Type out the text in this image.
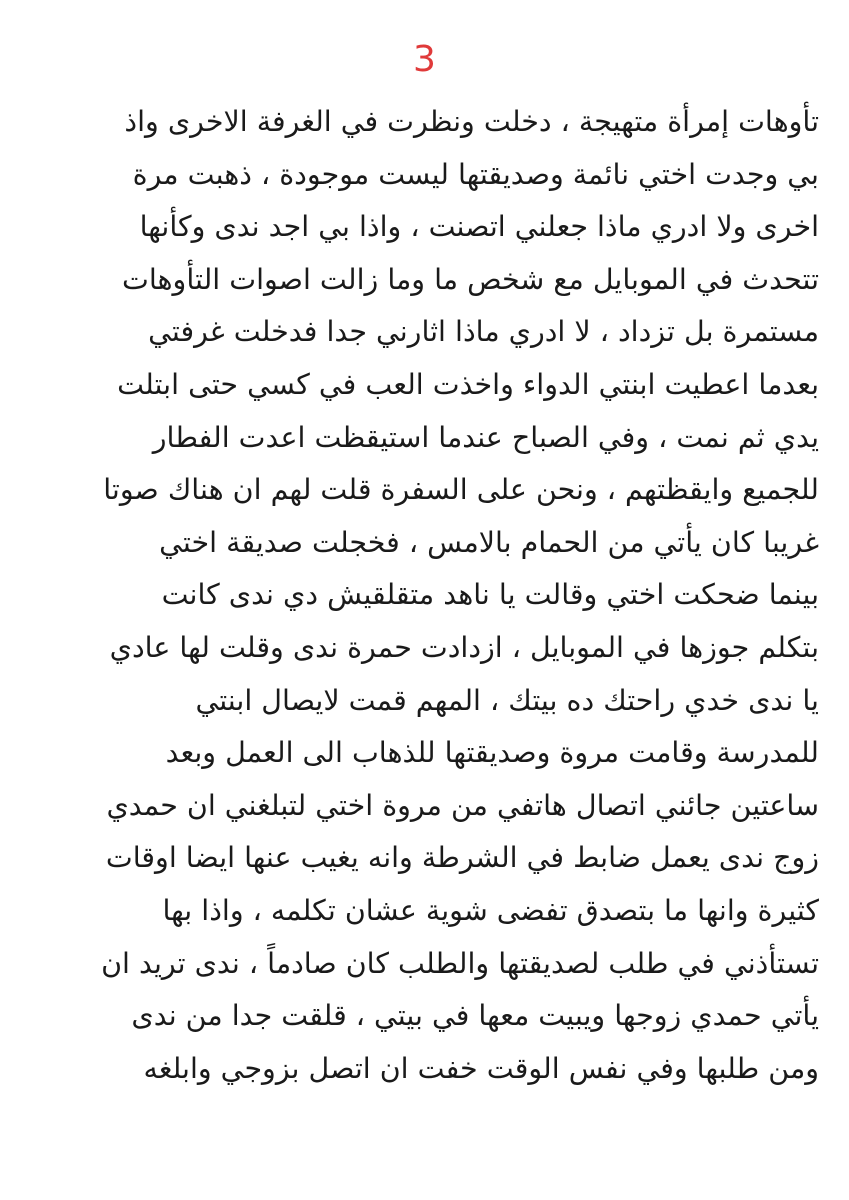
3
تأوهات إمرأة متهيجة ، دخلت ونظرت في الغرفة الاخرى واذ
بي وجدت اختي نائمة وصديقتها ليست موجودة ، ذهبت مرة
اخرى ولا ادري ماذا جعلني اتصنت ، واذا بي اجد ندى وكأنها
تتحدث في الموبايل مع شخص ما وما زالت اصوات التأوهات
مستمرة بل تزداد ، لا ادري ماذا اثارني جدا فدخلت غرفتي
بعدما اعطيت ابنتي الدواء واخذت العب في كسي حتى ابتلت
يدي ثم نمت ، وفي الصباح عندما استيقظت اعدت الفطار
للجميع وايقظتهم ، ونحن على السفرة قلت لهم ان هناك صوتا
غريبا كان يأتي من الحمام بالامس ، فخجلت صديقة اختي
بينما ضحكت اختي وقالت يا ناهد متقلقيش دي ندى كانت
بتكلم جوزها في الموبايل ، ازدادت حمرة ندى وقلت لها عادي
يا ندى خدي راحتك ده بيتك ، المهم قمت لايصال ابنتي
للمدرسة وقامت مروة وصديقتها للذهاب الى العمل وبعد
ساعتين جائني اتصال هاتفي من مروة اختي لتبلغني ان حمدي
زوج ندى يعمل ضابط في الشرطة وانه يغيب عنها ايضا اوقات
كثيرة وانها ما بتصدق تفضى شوية عشان تكلمه ، واذا بها
تستأذني في طلب لصديقتها والطلب كان صادماً ، ندى تريد ان
يأتي حمدي زوجها ويبيت معها في بيتي ، قلقت جدا من ندى
ومن طلبها وفي نفس الوقت خفت ان اتصل بزوجي وابلغه
